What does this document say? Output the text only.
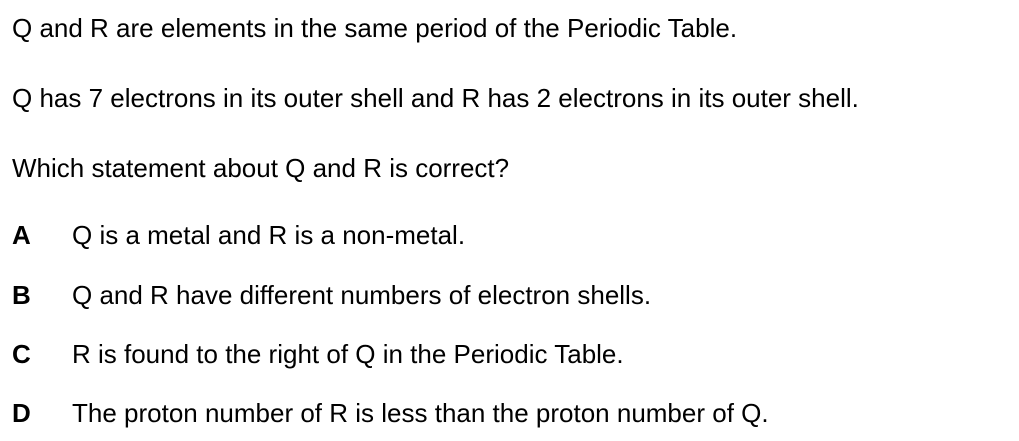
Q and R are elements in the same period of the Periodic Table.
Q has 7 electrons in its outer shell and R has 2 electrons in its outer shell.
Which statement about Q and R is correct?
A	Q is a metal and R is a non-metal.
B	Q and R have different numbers of electron shells.
C	R is found to the right of Q in the Periodic Table.
D	The proton number of R is less than the proton number of Q.
